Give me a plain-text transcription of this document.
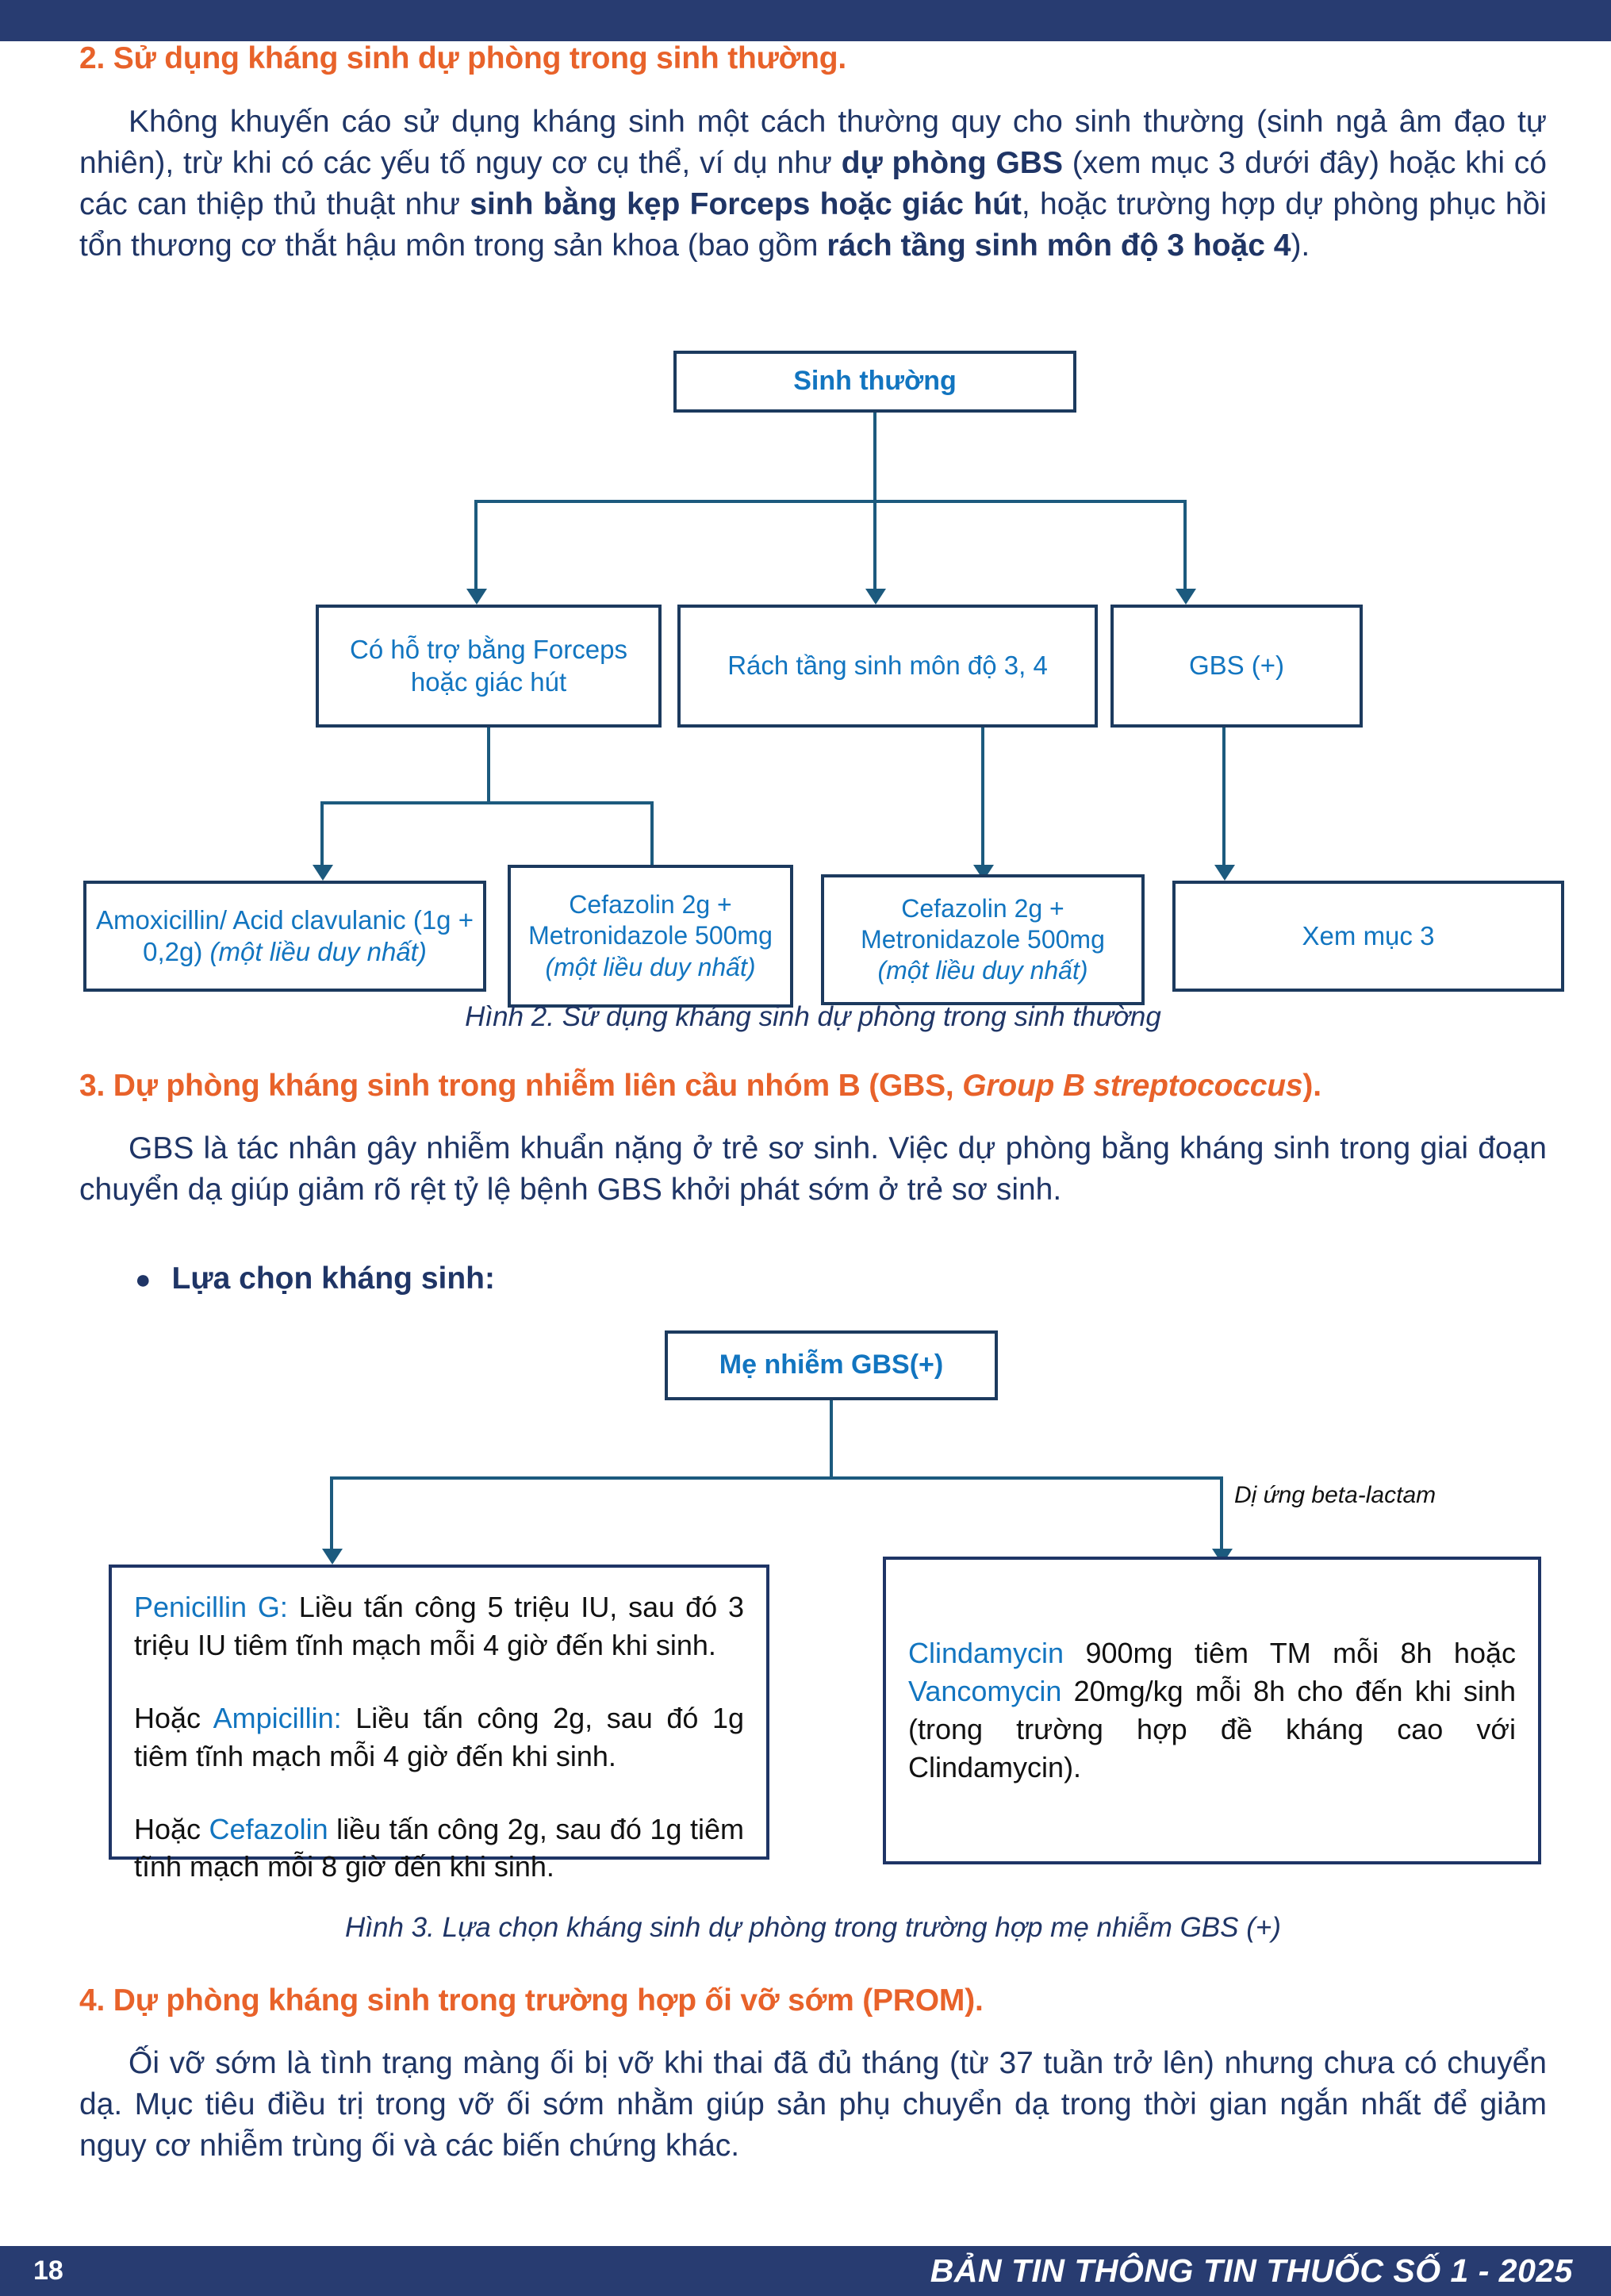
2. Sử dụng kháng sinh dự phòng trong sinh thường.
Không khuyến cáo sử dụng kháng sinh một cách thường quy cho sinh thường (sinh ngả âm đạo tự nhiên), trừ khi có các yếu tố nguy cơ cụ thể, ví dụ như dự phòng GBS (xem mục 3 dưới đây) hoặc khi có các can thiệp thủ thuật như sinh bằng kẹp Forceps hoặc giác hút, hoặc trường hợp dự phòng phục hồi tổn thương cơ thắt hậu môn trong sản khoa (bao gồm rách tầng sinh môn độ 3 hoặc 4).
Sinh thường
Có hỗ trợ bằng Forceps hoặc giác hút
Rách tầng sinh môn độ 3, 4	GBS (+)
Amoxicillin/ Acid clavulanic (1g + 0,2g) (một liều duy nhất)
Cefazolin 2g + Metronidazole 500mg (một liều duy nhất)
Cefazolin 2g + Metronidazole 500mg (một liều duy nhất)
Xem mục 3
Hình 2. Sử dụng kháng sinh dự phòng trong sinh thường
3. Dự phòng kháng sinh trong nhiễm liên cầu nhóm B (GBS, Group B streptococcus).
GBS là tác nhân gây nhiễm khuẩn nặng ở trẻ sơ sinh. Việc dự phòng bằng kháng sinh trong giai đoạn chuyển dạ giúp giảm rõ rệt tỷ lệ bệnh GBS khởi phát sớm ở trẻ sơ sinh.
● Lựa chọn kháng sinh:
Mẹ nhiễm GBS(+)
Dị ứng beta-lactam

Penicillin G: Liều tấn công 5 triệu IU, sau đó 3 triệu IU tiêm tĩnh mạch mỗi 4 giờ đến khi sinh.

Hoặc Ampicillin: Liều tấn công 2g, sau đó 1g tiêm tĩnh mạch mỗi 4 giờ đến khi sinh.

Hoặc Cefazolin liều tấn công 2g, sau đó 1g tiêm tĩnh mạch mỗi 8 giờ đến khi sinh.

Clindamycin 900mg tiêm TM mỗi 8h hoặc Vancomycin 20mg/kg mỗi 8h cho đến khi sinh (trong trường hợp đề kháng cao với Clindamycin).

Hình 3. Lựa chọn kháng sinh dự phòng trong trường hợp mẹ nhiễm GBS (+)
4. Dự phòng kháng sinh trong trường hợp ối vỡ sớm (PROM).
Ối vỡ sớm là tình trạng màng ối bị vỡ khi thai đã đủ tháng (từ 37 tuần trở lên) nhưng chưa có chuyển dạ. Mục tiêu điều trị trong vỡ ối sớm nhằm giúp sản phụ chuyển dạ trong thời gian ngắn nhất để giảm nguy cơ nhiễm trùng ối và các biến chứng khác.
18	BẢN TIN THÔNG TIN THUỐC SỐ 1 - 2025
